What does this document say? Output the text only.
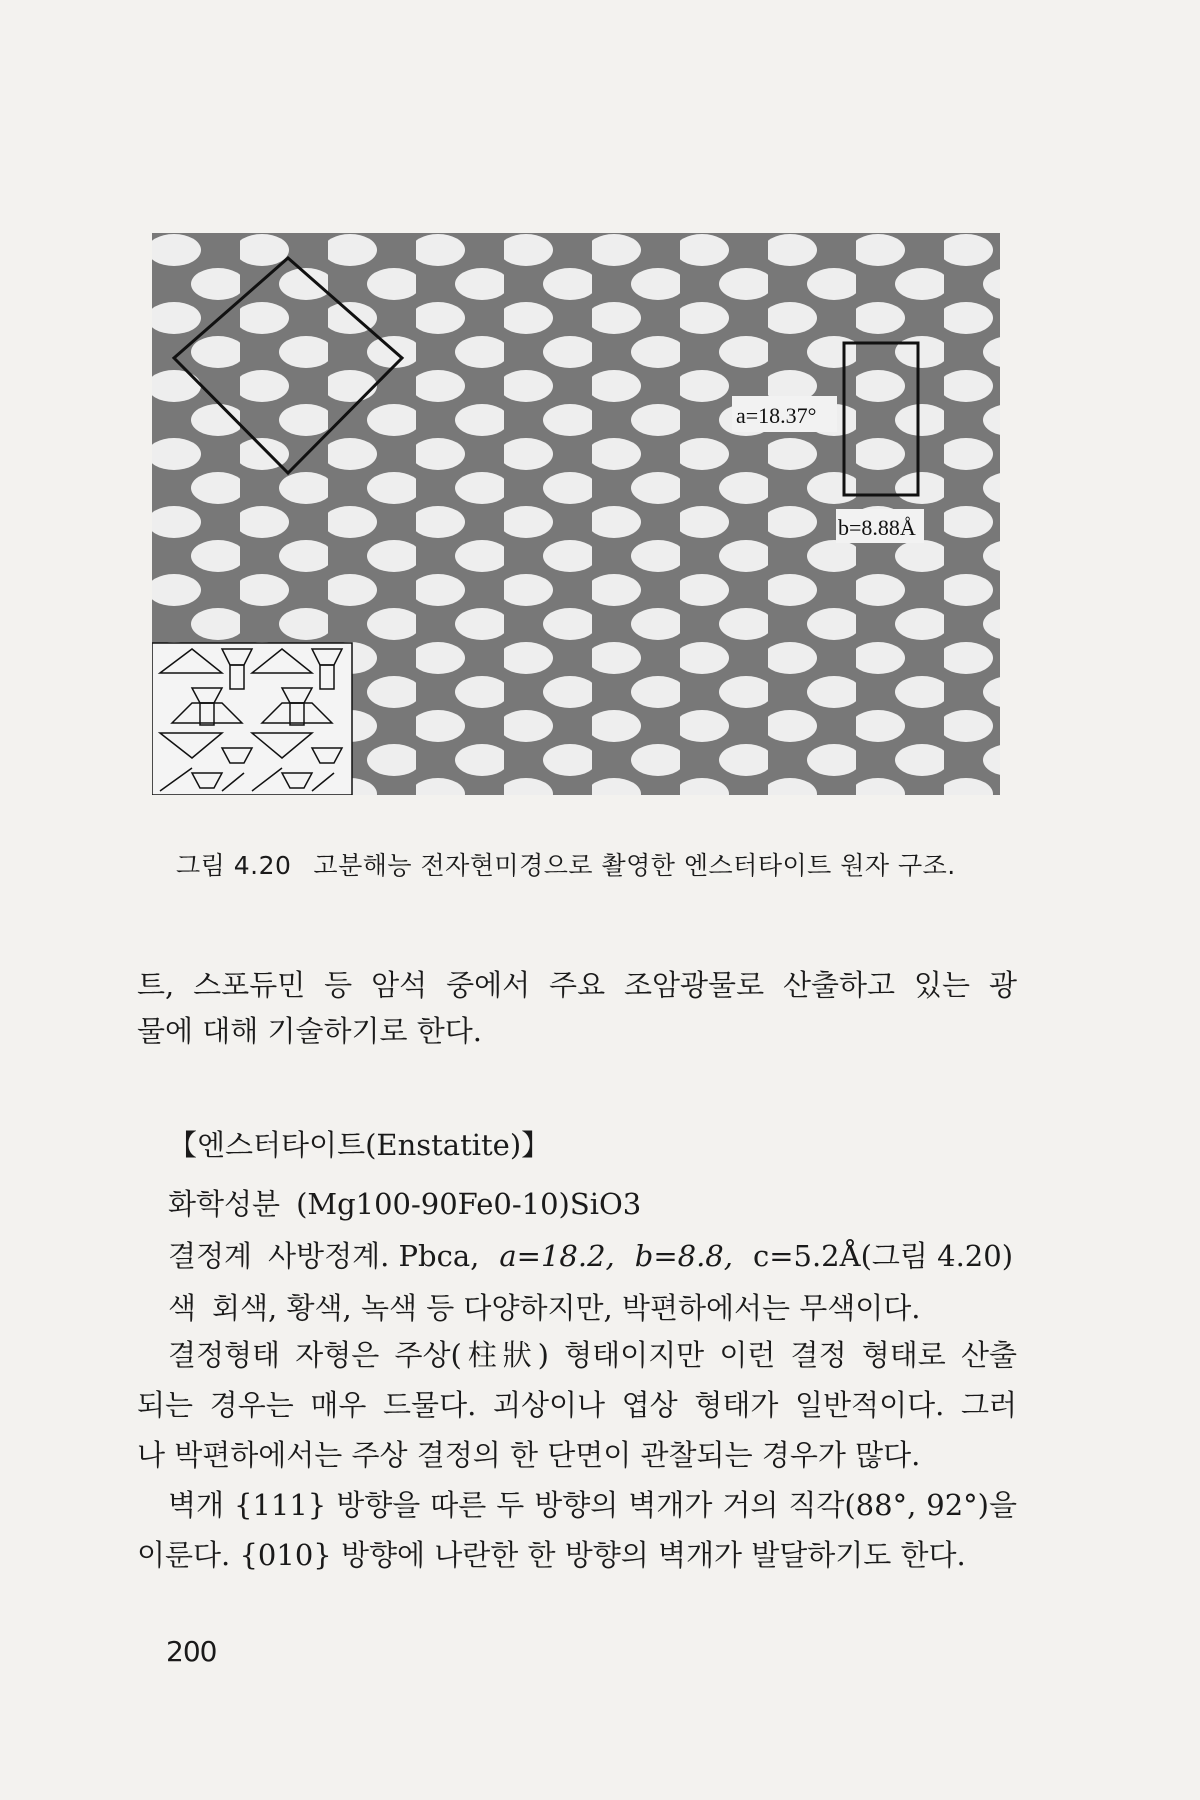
a=18.37°
b=8.88Å
그림 4.20 고분해능 전자현미경으로 촬영한 엔스터타이트 원자 구조.
트, 스포듀민 등 암석 중에서 주요 조암광물로 산출하고 있는 광
물에 대해 기술하기로 한다.
【엔스터타이트(Enstatite)】
화학성분 (Mg100-90Fe0-10)SiO3
결정계 사방정계. Pbca, a=18.2, b=8.8, c=5.2Å(그림 4.20)
색 회색, 황색, 녹색 등 다양하지만, 박편하에서는 무색이다.
결정형태 자형은 주상(柱狀) 형태이지만 이런 결정 형태로 산출
되는 경우는 매우 드물다. 괴상이나 엽상 형태가 일반적이다. 그러
나 박편하에서는 주상 결정의 한 단면이 관찰되는 경우가 많다.
벽개 {111} 방향을 따른 두 방향의 벽개가 거의 직각(88°, 92°)을
이룬다. {010} 방향에 나란한 한 방향의 벽개가 발달하기도 한다.
200
